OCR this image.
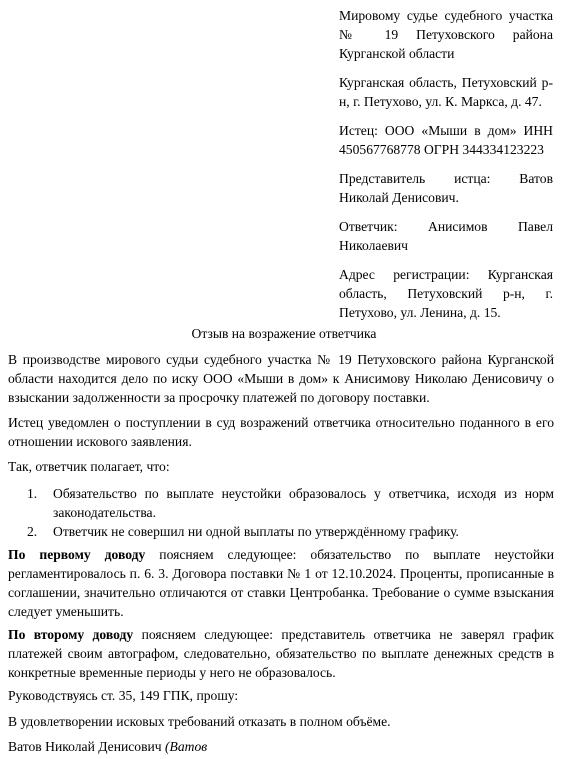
Мировому судье судебного участка № 19 Петуховского района Курганской области

Курганская область, Петуховский р-н, г. Петухово, ул. К. Маркса, д. 47.

Истец: ООО «Мыши в дом» ИНН 450567768778 ОГРН 344334123223

Представитель истца: Ватов Николай Денисович.

Ответчик: Анисимов Павел Николаевич

Адрес регистрации: Курганская область, Петуховский р-н, г. Петухово, ул. Ленина, д. 15.

Отзыв на возражение ответчика

В производстве мирового судьи судебного участка № 19 Петуховского района Курганской области находится дело по иску ООО «Мыши в дом» к Анисимову Николаю Денисовичу о взыскании задолженности за просрочку платежей по договору поставки.

Истец уведомлен о поступлении в суд возражений ответчика относительно поданного в его отношении искового заявления.

Так, ответчик полагает, что:

1. Обязательство по выплате неустойки образовалось у ответчика, исходя из норм законодательства.
2. Ответчик не совершил ни одной выплаты по утверждённому графику.

По первому доводу поясняем следующее: обязательство по выплате неустойки регламентировалось п. 6. 3. Договора поставки № 1 от 12.10.2024. Проценты, прописанные в соглашении, значительно отличаются от ставки Центробанка. Требование о сумме взыскания следует уменьшить.

По второму доводу поясняем следующее: представитель ответчика не заверял график платежей своим автографом, следовательно, обязательство по выплате денежных средств в конкретные временные периоды у него не образовалось.

Руководствуясь ст. 35, 149 ГПК, прошу:

В удовлетворении исковых требований отказать в полном объёме.

Ватов Николай Денисович (Ватов
